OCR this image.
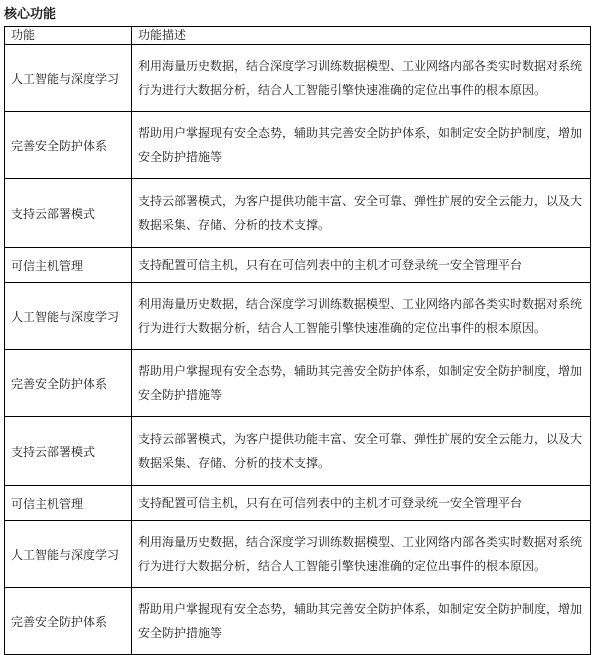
核心功能
功能	功能描述
人工智能与深度学习	利用海量历史数据，结合深度学习训练数据模型、工业网络内部各类实时数据对系统行为进行大数据分析，结合人工智能引擎快速准确的定位出事件的根本原因。
完善安全防护体系	帮助用户掌握现有安全态势，辅助其完善安全防护体系，如制定安全防护制度，增加安全防护措施等
支持云部署模式	支持云部署模式，为客户提供功能丰富、安全可靠、弹性扩展的安全云能力，以及大数据采集、存储、分析的技术支撑。
可信主机管理	支持配置可信主机，只有在可信列表中的主机才可登录统一安全管理平台
人工智能与深度学习	利用海量历史数据，结合深度学习训练数据模型、工业网络内部各类实时数据对系统行为进行大数据分析，结合人工智能引擎快速准确的定位出事件的根本原因。
完善安全防护体系	帮助用户掌握现有安全态势，辅助其完善安全防护体系，如制定安全防护制度，增加安全防护措施等
支持云部署模式	支持云部署模式，为客户提供功能丰富、安全可靠、弹性扩展的安全云能力，以及大数据采集、存储、分析的技术支撑。
可信主机管理	支持配置可信主机，只有在可信列表中的主机才可登录统一安全管理平台
人工智能与深度学习	利用海量历史数据，结合深度学习训练数据模型、工业网络内部各类实时数据对系统行为进行大数据分析，结合人工智能引擎快速准确的定位出事件的根本原因。
完善安全防护体系	帮助用户掌握现有安全态势，辅助其完善安全防护体系，如制定安全防护制度，增加安全防护措施等
